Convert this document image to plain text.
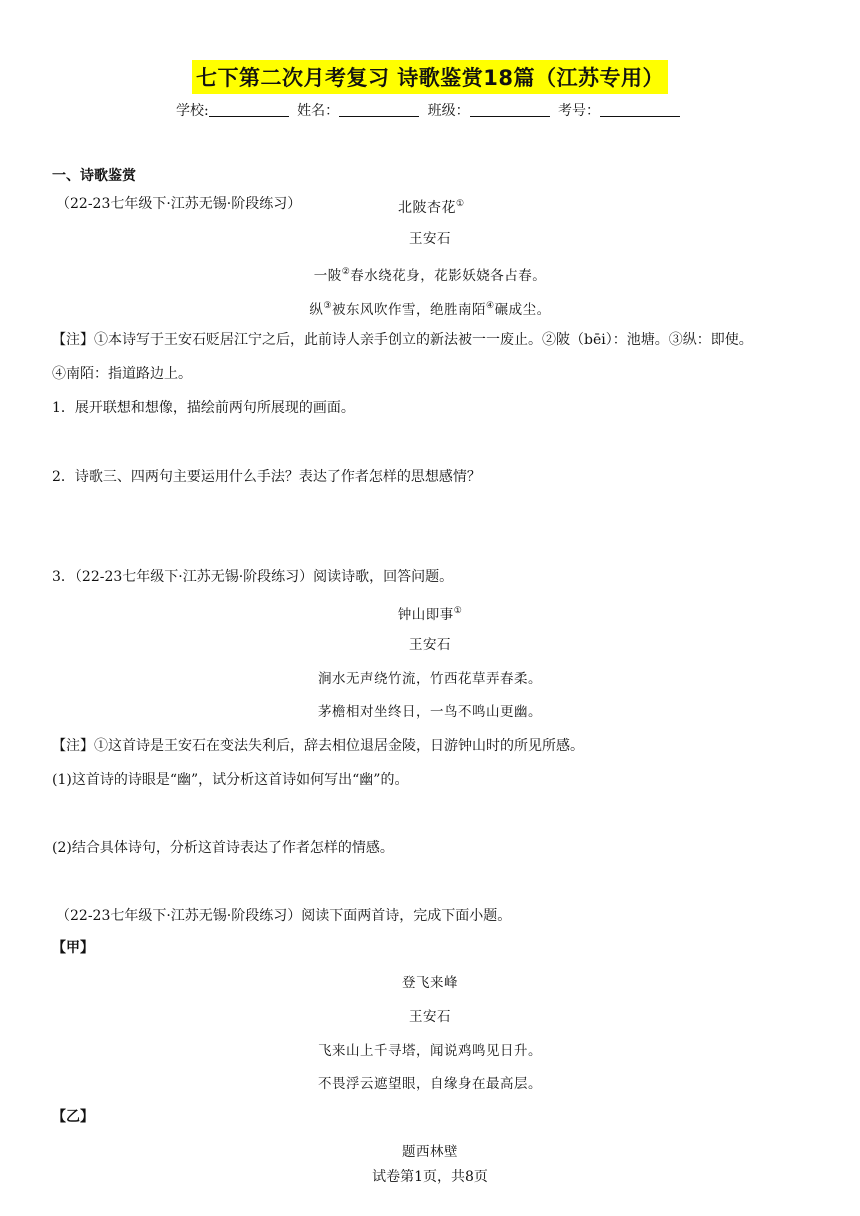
七下第二次月考复习 诗歌鉴赏18篇（江苏专用）
学校:	姓名：	班级：	考号：
一、诗歌鉴赏
（22-23七年级下·江苏无锡·阶段练习）	北陂杏花①
王安石
一陂②春水绕花身，花影妖娆各占春。
纵③被东风吹作雪，绝胜南陌④碾成尘。
【注】①本诗写于王安石贬居江宁之后，此前诗人亲手创立的新法被一一废止。②陂（bēi）：池塘。③纵：即使。
④南陌：指道路边上。
1．展开联想和想像，描绘前两句所展现的画面。
2．诗歌三、四两句主要运用什么手法？表达了作者怎样的思想感情？
3．（22-23七年级下·江苏无锡·阶段练习）阅读诗歌，回答问题。
钟山即事①
王安石
涧水无声绕竹流，竹西花草弄春柔。
茅檐相对坐终日，一鸟不鸣山更幽。
【注】①这首诗是王安石在变法失利后，辞去相位退居金陵，日游钟山时的所见所感。
(1)这首诗的诗眼是“幽”，试分析这首诗如何写出“幽”的。
(2)结合具体诗句，分析这首诗表达了作者怎样的情感。
（22-23七年级下·江苏无锡·阶段练习）阅读下面两首诗，完成下面小题。
【甲】
登飞来峰
王安石
飞来山上千寻塔，闻说鸡鸣见日升。
不畏浮云遮望眼，自缘身在最高层。
【乙】
题西林壁
试卷第1页，共8页
